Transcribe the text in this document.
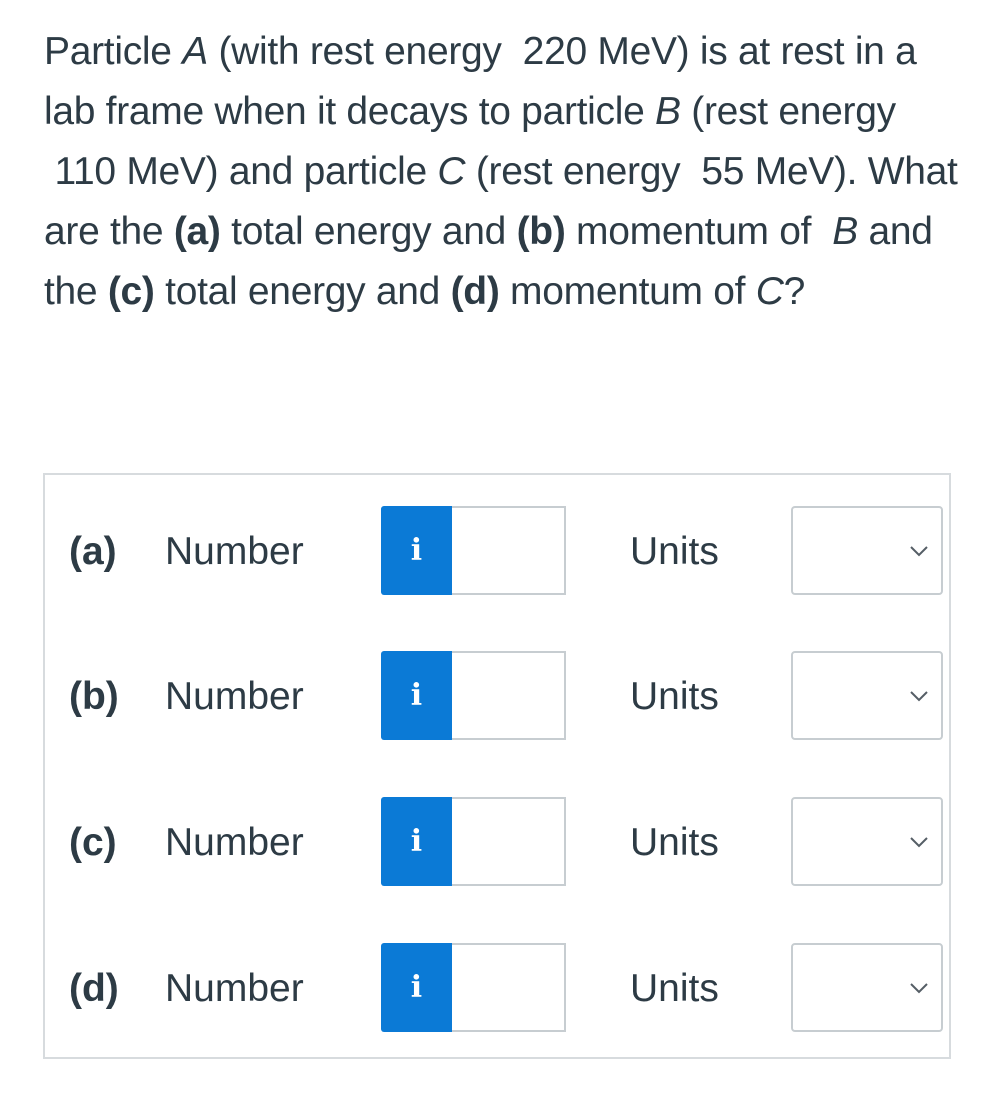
Particle A (with rest energy  220 MeV) is at rest in a lab frame when it decays to particle B (rest energy  110 MeV) and particle C (rest energy  55 MeV). What are the (a) total energy and (b) momentum of  B and the (c) total energy and (d) momentum of C?
(a) Number	i	Units
(b) Number	i	Units
(c) Number	i	Units
(d) Number	i	Units
